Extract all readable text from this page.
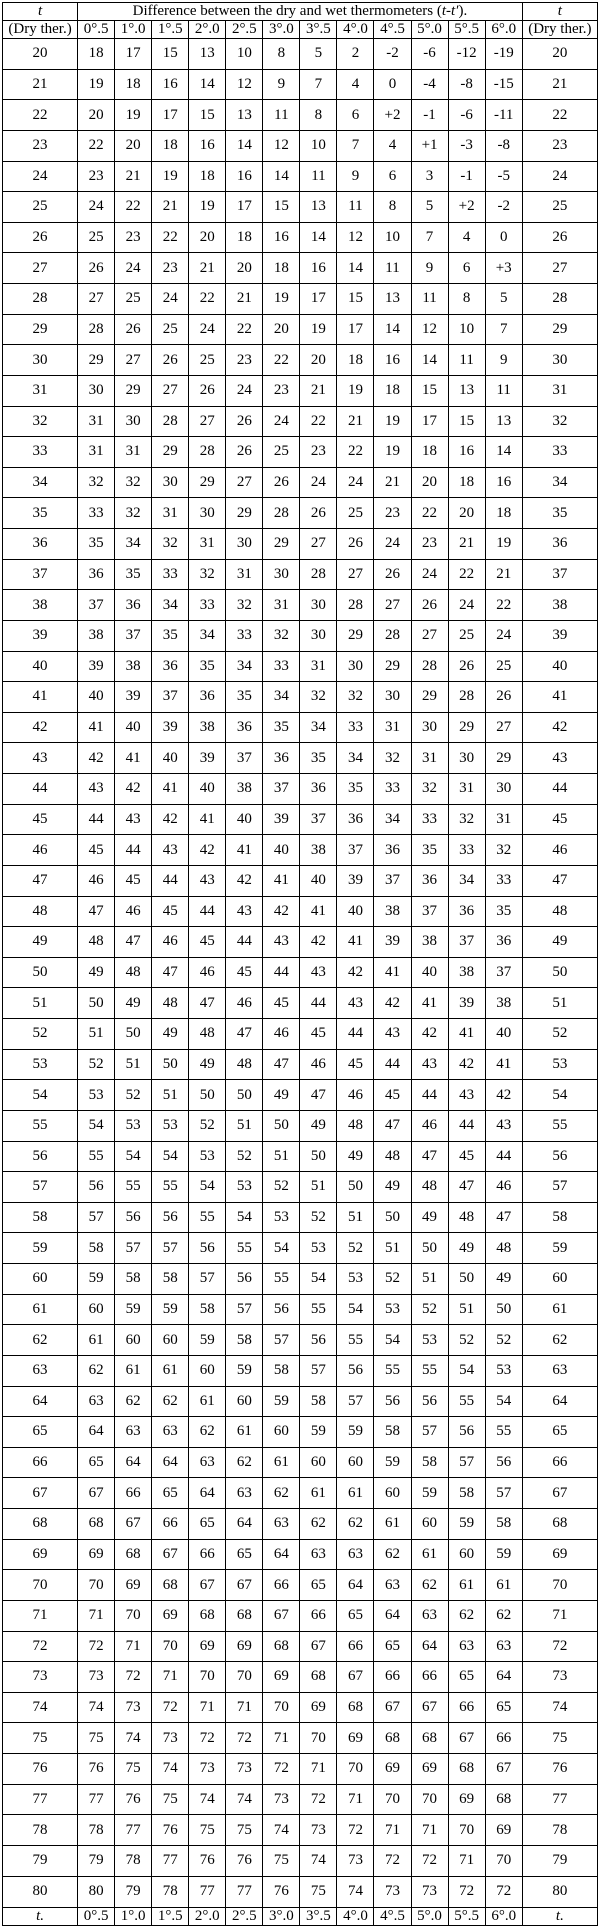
t	Difference between the dry and wet thermometers (t-t′).												t
(Dry ther.)	0°.5	1°.0	1°.5	2°.0	2°.5	3°.0	3°.5	4°.0	4°.5	5°.0	5°.5	6°.0	(Dry ther.)
20	18	17	15	13	10	8	5	2	-2	-6	-12	-19	20
21	19	18	16	14	12	9	7	4	0	-4	-8	-15	21
22	20	19	17	15	13	11	8	6	+2	-1	-6	-11	22
23	22	20	18	16	14	12	10	7	4	+1	-3	-8	23
24	23	21	19	18	16	14	11	9	6	3	-1	-5	24
25	24	22	21	19	17	15	13	11	8	5	+2	-2	25
26	25	23	22	20	18	16	14	12	10	7	4	0	26
27	26	24	23	21	20	18	16	14	11	9	6	+3	27
28	27	25	24	22	21	19	17	15	13	11	8	5	28
29	28	26	25	24	22	20	19	17	14	12	10	7	29
30	29	27	26	25	23	22	20	18	16	14	11	9	30
31	30	29	27	26	24	23	21	19	18	15	13	11	31
32	31	30	28	27	26	24	22	21	19	17	15	13	32
33	31	31	29	28	26	25	23	22	19	18	16	14	33
34	32	32	30	29	27	26	24	24	21	20	18	16	34
35	33	32	31	30	29	28	26	25	23	22	20	18	35
36	35	34	32	31	30	29	27	26	24	23	21	19	36
37	36	35	33	32	31	30	28	27	26	24	22	21	37
38	37	36	34	33	32	31	30	28	27	26	24	22	38
39	38	37	35	34	33	32	30	29	28	27	25	24	39
40	39	38	36	35	34	33	31	30	29	28	26	25	40
41	40	39	37	36	35	34	32	32	30	29	28	26	41
42	41	40	39	38	36	35	34	33	31	30	29	27	42
43	42	41	40	39	37	36	35	34	32	31	30	29	43
44	43	42	41	40	38	37	36	35	33	32	31	30	44
45	44	43	42	41	40	39	37	36	34	33	32	31	45
46	45	44	43	42	41	40	38	37	36	35	33	32	46
47	46	45	44	43	42	41	40	39	37	36	34	33	47
48	47	46	45	44	43	42	41	40	38	37	36	35	48
49	48	47	46	45	44	43	42	41	39	38	37	36	49
50	49	48	47	46	45	44	43	42	41	40	38	37	50
51	50	49	48	47	46	45	44	43	42	41	39	38	51
52	51	50	49	48	47	46	45	44	43	42	41	40	52
53	52	51	50	49	48	47	46	45	44	43	42	41	53
54	53	52	51	50	50	49	47	46	45	44	43	42	54
55	54	53	53	52	51	50	49	48	47	46	44	43	55
56	55	54	54	53	52	51	50	49	48	47	45	44	56
57	56	55	55	54	53	52	51	50	49	48	47	46	57
58	57	56	56	55	54	53	52	51	50	49	48	47	58
59	58	57	57	56	55	54	53	52	51	50	49	48	59
60	59	58	58	57	56	55	54	53	52	51	50	49	60
61	60	59	59	58	57	56	55	54	53	52	51	50	61
62	61	60	60	59	58	57	56	55	54	53	52	52	62
63	62	61	61	60	59	58	57	56	55	55	54	53	63
64	63	62	62	61	60	59	58	57	56	56	55	54	64
65	64	63	63	62	61	60	59	59	58	57	56	55	65
66	65	64	64	63	62	61	60	60	59	58	57	56	66
67	67	66	65	64	63	62	61	61	60	59	58	57	67
68	68	67	66	65	64	63	62	62	61	60	59	58	68
69	69	68	67	66	65	64	63	63	62	61	60	59	69
70	70	69	68	67	67	66	65	64	63	62	61	61	70
71	71	70	69	68	68	67	66	65	64	63	62	62	71
72	72	71	70	69	69	68	67	66	65	64	63	63	72
73	73	72	71	70	70	69	68	67	66	66	65	64	73
74	74	73	72	71	71	70	69	68	67	67	66	65	74
75	75	74	73	72	72	71	70	69	68	68	67	66	75
76	76	75	74	73	73	72	71	70	69	69	68	67	76
77	77	76	75	74	74	73	72	71	70	70	69	68	77
78	78	77	76	75	75	74	73	72	71	71	70	69	78
79	79	78	77	76	76	75	74	73	72	72	71	70	79
80	80	79	78	77	77	76	75	74	73	73	72	72	80
t.	0°.5	1°.0	1°.5	2°.0	2°.5	3°.0	3°.5	4°.0	4°.5	5°.0	5°.5	6°.0	t.
